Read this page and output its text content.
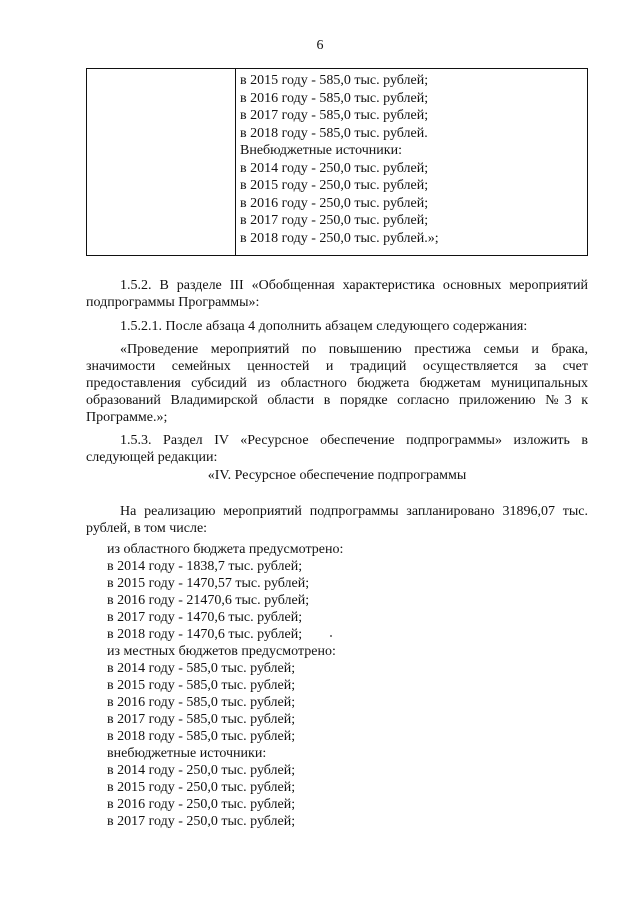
6
в 2015 году - 585,0 тыс. рублей;
в 2016 году - 585,0 тыс. рублей;
в 2017 году - 585,0 тыс. рублей;
в 2018 году - 585,0 тыс. рублей.
Внебюджетные источники:
в 2014 году - 250,0 тыс. рублей;
в 2015 году - 250,0 тыс. рублей;
в 2016 году - 250,0 тыс. рублей;
в 2017 году - 250,0 тыс. рублей;
в 2018 году - 250,0 тыс. рублей.»;
1.5.2. В разделе III «Обобщенная характеристика основных мероприятий подпрограммы Программы»:
1.5.2.1. После абзаца 4 дополнить абзацем следующего содержания:
«Проведение мероприятий по повышению престижа семьи и брака, значимости семейных ценностей и традиций осуществляется за счет предоставления субсидий из областного бюджета бюджетам муниципальных образований Владимирской области в порядке согласно приложению №3 к Программе.»;
1.5.3. Раздел IV «Ресурсное обеспечение подпрограммы» изложить в следующей редакции:
«IV. Ресурсное обеспечение подпрограммы
На реализацию мероприятий подпрограммы запланировано 31896,07 тыс. рублей, в том числе:
из областного бюджета предусмотрено:
в 2014 году - 1838,7 тыс. рублей;
в 2015 году - 1470,57 тыс. рублей;
в 2016 году - 21470,6 тыс. рублей;
в 2017 году - 1470,6 тыс. рублей;
в 2018 году - 1470,6 тыс. рублей;
из местных бюджетов предусмотрено:
в 2014 году - 585,0 тыс. рублей;
в 2015 году - 585,0 тыс. рублей;
в 2016 году - 585,0 тыс. рублей;
в 2017 году - 585,0 тыс. рублей;
в 2018 году - 585,0 тыс. рублей;
внебюджетные источники:
в 2014 году - 250,0 тыс. рублей;
в 2015 году - 250,0 тыс. рублей;
в 2016 году - 250,0 тыс. рублей;
в 2017 году - 250,0 тыс. рублей;
